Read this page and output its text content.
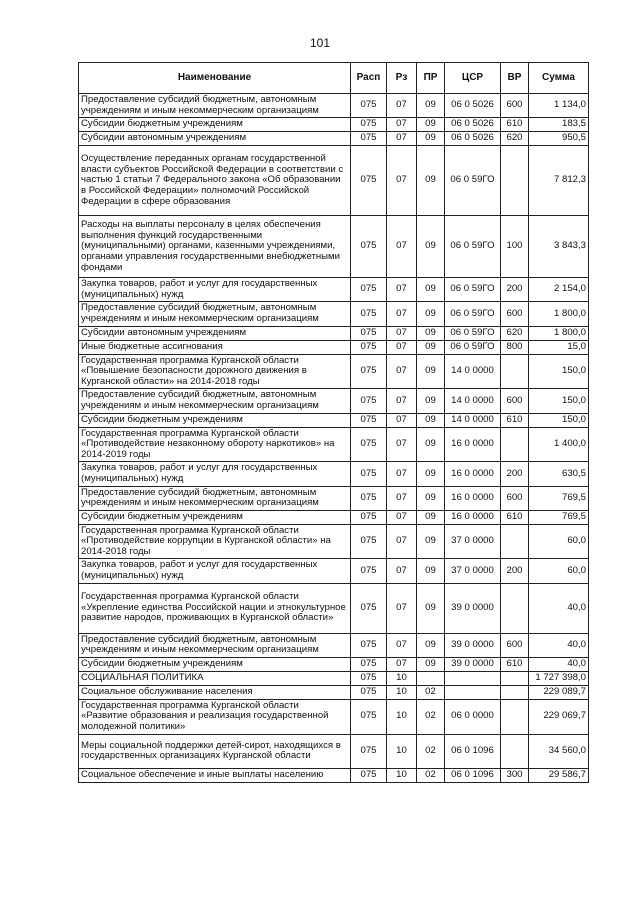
101
Наименование	Расп	Рз	ПР	ЦСР	ВР	Сумма
Предоставление субсидий бюджетным, автономным учреждениям и иным некоммерческим организациям	075	07	09	06 0 5026	600	1 134,0
Субсидии бюджетным учреждениям	075	07	09	06 0 5026	610	183,5
Субсидии автономным учреждениям	075	07	09	06 0 5026	620	950,5
Осуществление переданных органам государственной власти субъектов Российской Федерации в соответствии с частью 1 статьи 7 Федерального закона «Об образовании в Российской Федерации» полномочий Российской Федерации в сфере образования	075	07	09	06 0 59ГО		7 812,3
Расходы на выплаты персоналу в целях обеспечения выполнения функций государственными (муниципальными) органами, казенными учреждениями, органами управления государственными внебюджетными фондами	075	07	09	06 0 59ГО	100	3 843,3
Закупка товаров, работ и услуг для государственных (муниципальных) нужд	075	07	09	06 0 59ГО	200	2 154,0
Предоставление субсидий бюджетным, автономным учреждениям и иным некоммерческим организациям	075	07	09	06 0 59ГО	600	1 800,0
Субсидии автономным учреждениям	075	07	09	06 0 59ГО	620	1 800,0
Иные бюджетные ассигнования	075	07	09	06 0 59ГО	800	15,0
Государственная программа Курганской области «Повышение безопасности дорожного движения в Курганской области» на 2014-2018 годы	075	07	09	14 0 0000		150,0
Предоставление субсидий бюджетным, автономным учреждениям и иным некоммерческим организациям	075	07	09	14 0 0000	600	150,0
Субсидии бюджетным учреждениям	075	07	09	14 0 0000	610	150,0
Государственная программа Курганской области «Противодействие незаконному обороту наркотиков» на 2014-2019 годы	075	07	09	16 0 0000		1 400,0
Закупка товаров, работ и услуг для государственных (муниципальных) нужд	075	07	09	16 0 0000	200	630,5
Предоставление субсидий бюджетным, автономным учреждениям и иным некоммерческим организациям	075	07	09	16 0 0000	600	769,5
Субсидии бюджетным учреждениям	075	07	09	16 0 0000	610	769,5
Государственная программа Курганской области «Противодействие коррупции в Курганской области» на 2014-2018 годы	075	07	09	37 0 0000		60,0
Закупка товаров, работ и услуг для государственных (муниципальных) нужд	075	07	09	37 0 0000	200	60,0
Государственная программа Курганской области «Укрепление единства Российской нации и этнокультурное развитие народов, проживающих в Курганской области»	075	07	09	39 0 0000		40,0
Предоставление субсидий бюджетным, автономным учреждениям и иным некоммерческим организациям	075	07	09	39 0 0000	600	40,0
Субсидии бюджетным учреждениям	075	07	09	39 0 0000	610	40,0
СОЦИАЛЬНАЯ ПОЛИТИКА	075	10				1 727 398,0
Социальное обслуживание населения	075	10	02			229 089,7
Государственная программа Курганской области «Развитие образования и реализация государственной молодежной политики»	075	10	02	06 0 0000		229 069,7
Меры социальной поддержки детей-сирот, находящихся в государственных организациях Курганской области	075	10	02	06 0 1096		34 560,0
Социальное обеспечение и иные выплаты населению	075	10	02	06 0 1096	300	29 586,7
